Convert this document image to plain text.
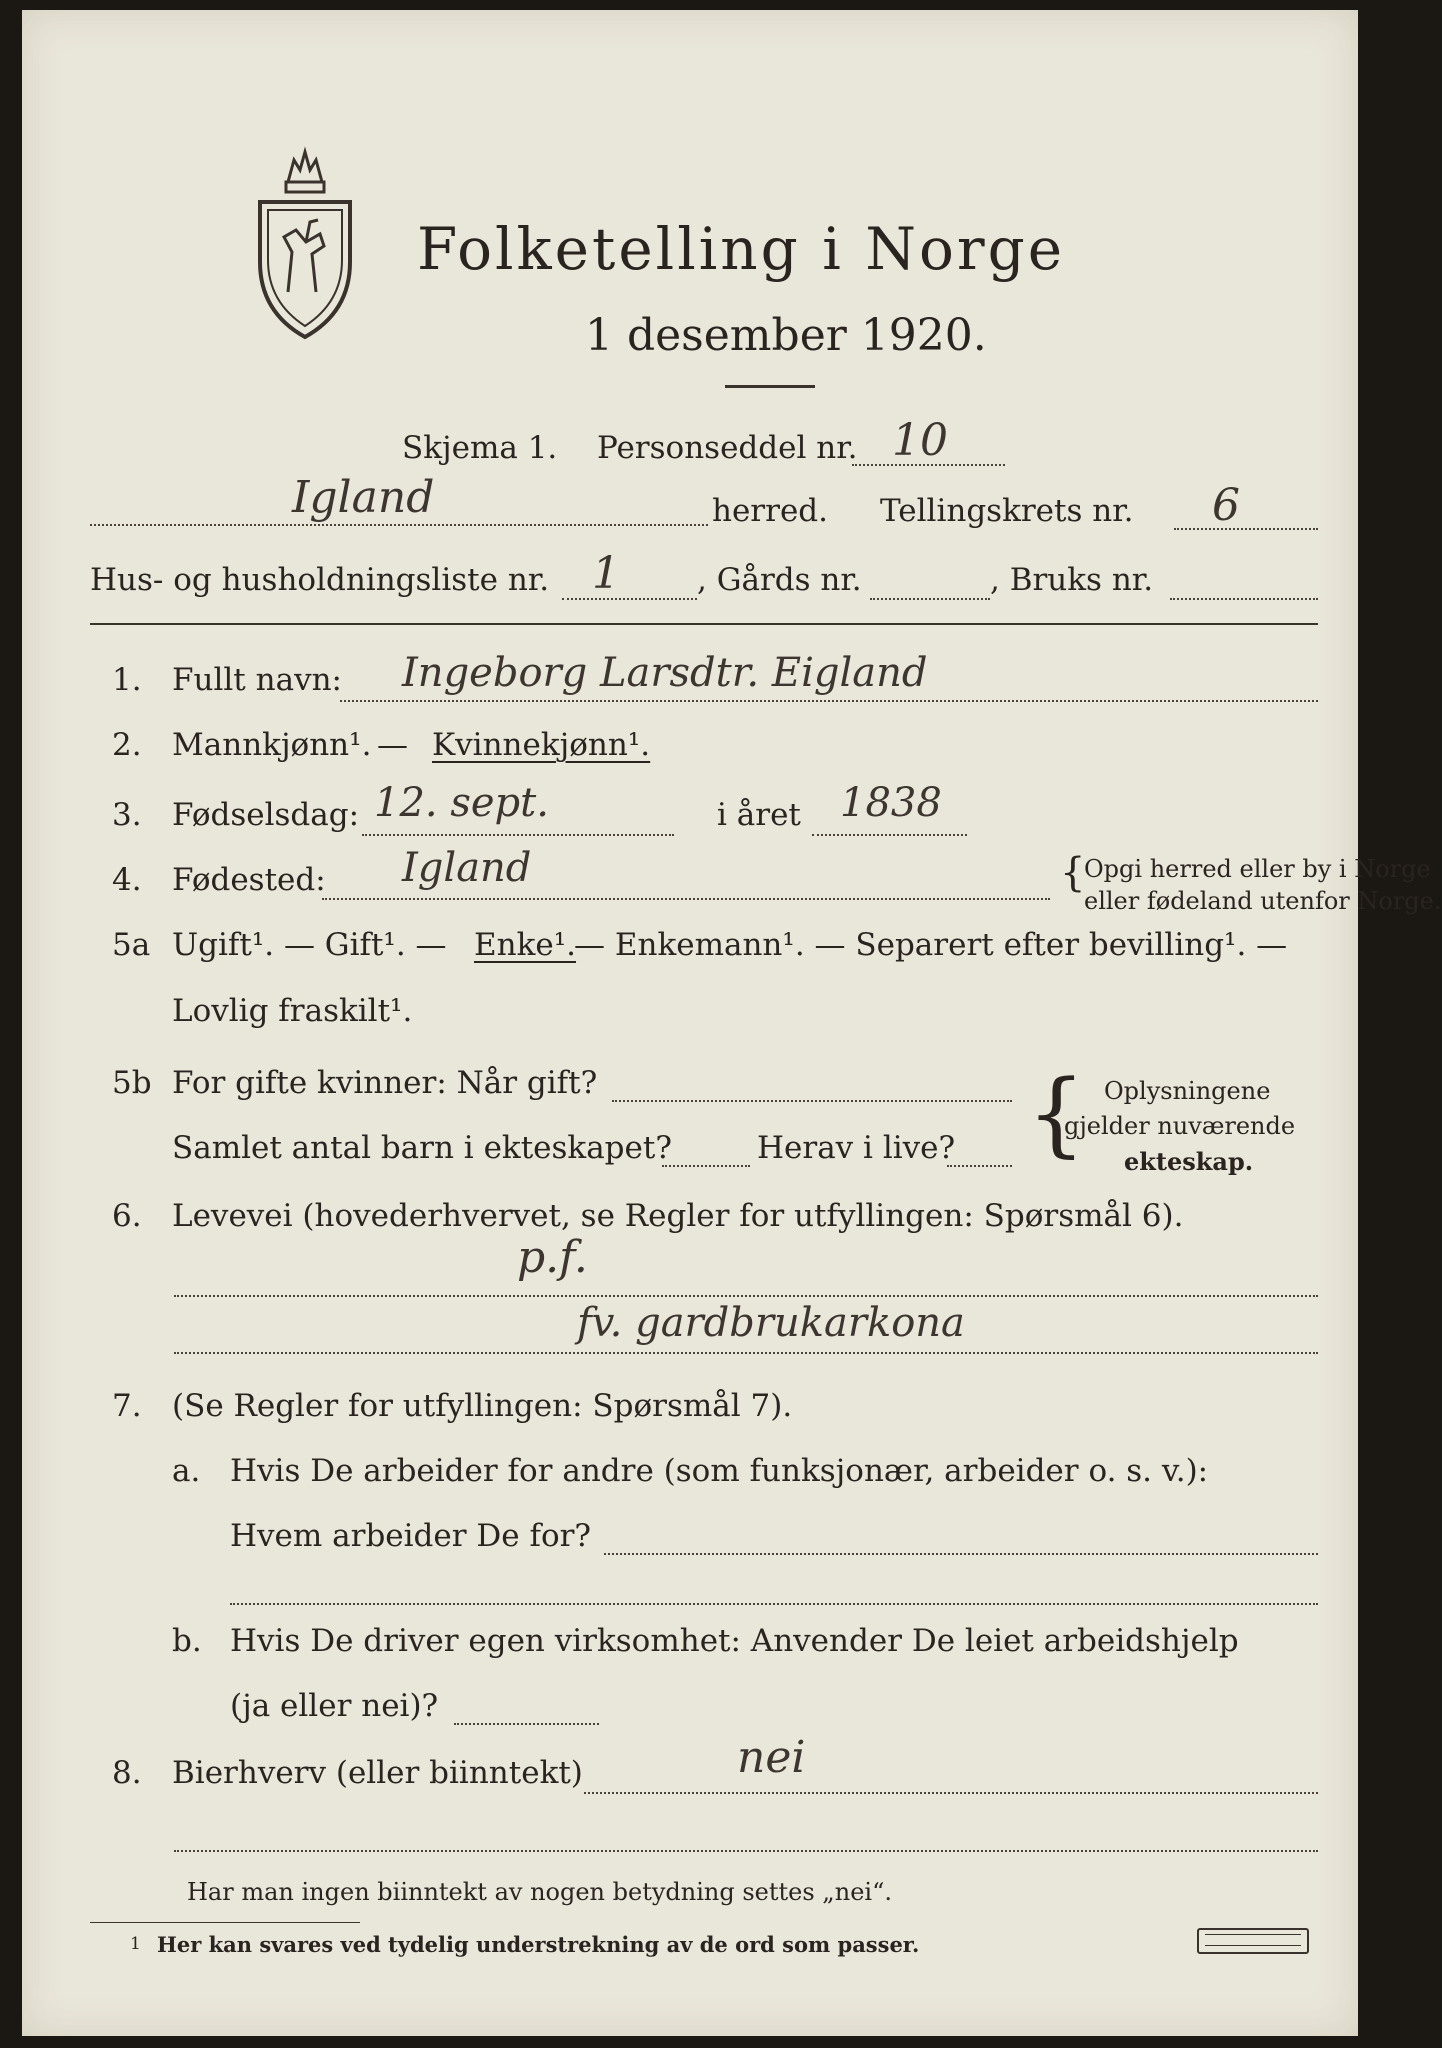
Folketelling i Norge
1 desember 1920.
Skjema 1. Personseddel nr. 10
Igland	herred. Tellingskrets nr. 6
Hus- og husholdningsliste nr. 1 , Gårds nr.	, Bruks nr.
1. Fullt navn: Ingeborg Larsdtr. Eigland
2. Mannkjønn¹. — Kvinnekjønn¹.
3. Fødselsdag: 12. sept.	i året 1838
4. Fødested: Igland	{
Opgi herred eller by i Norge
eller fødeland utenfor Norge.
5a Ugift¹. — Gift¹. — Enke¹.
— Enkemann¹. — Separert efter bevilling¹. —
Lovlig fraskilt¹.
5b For gifte kvinner: Når gift?
Samlet antal barn i ekteskapet?	Herav i live? { Oplysningene
gjelder nuværende
ekteskap.
6. Levevei (hovederhvervet, se Regler for utfyllingen: Spørsmål 6).
p.f.
fv. gardbrukarkona
7. (Se Regler for utfyllingen: Spørsmål 7).
a. Hvis De arbeider for andre (som funksjonær, arbeider o. s. v.):
Hvem arbeider De for?
b. Hvis De driver egen virksomhet: Anvender De leiet arbeidshjelp
(ja eller nei)?
8. Bierhverv (eller biinntekt)	nei
Har man ingen biinntekt av nogen betydning settes „nei“.
1 Her kan svares ved tydelig understrekning av de ord som passer.
